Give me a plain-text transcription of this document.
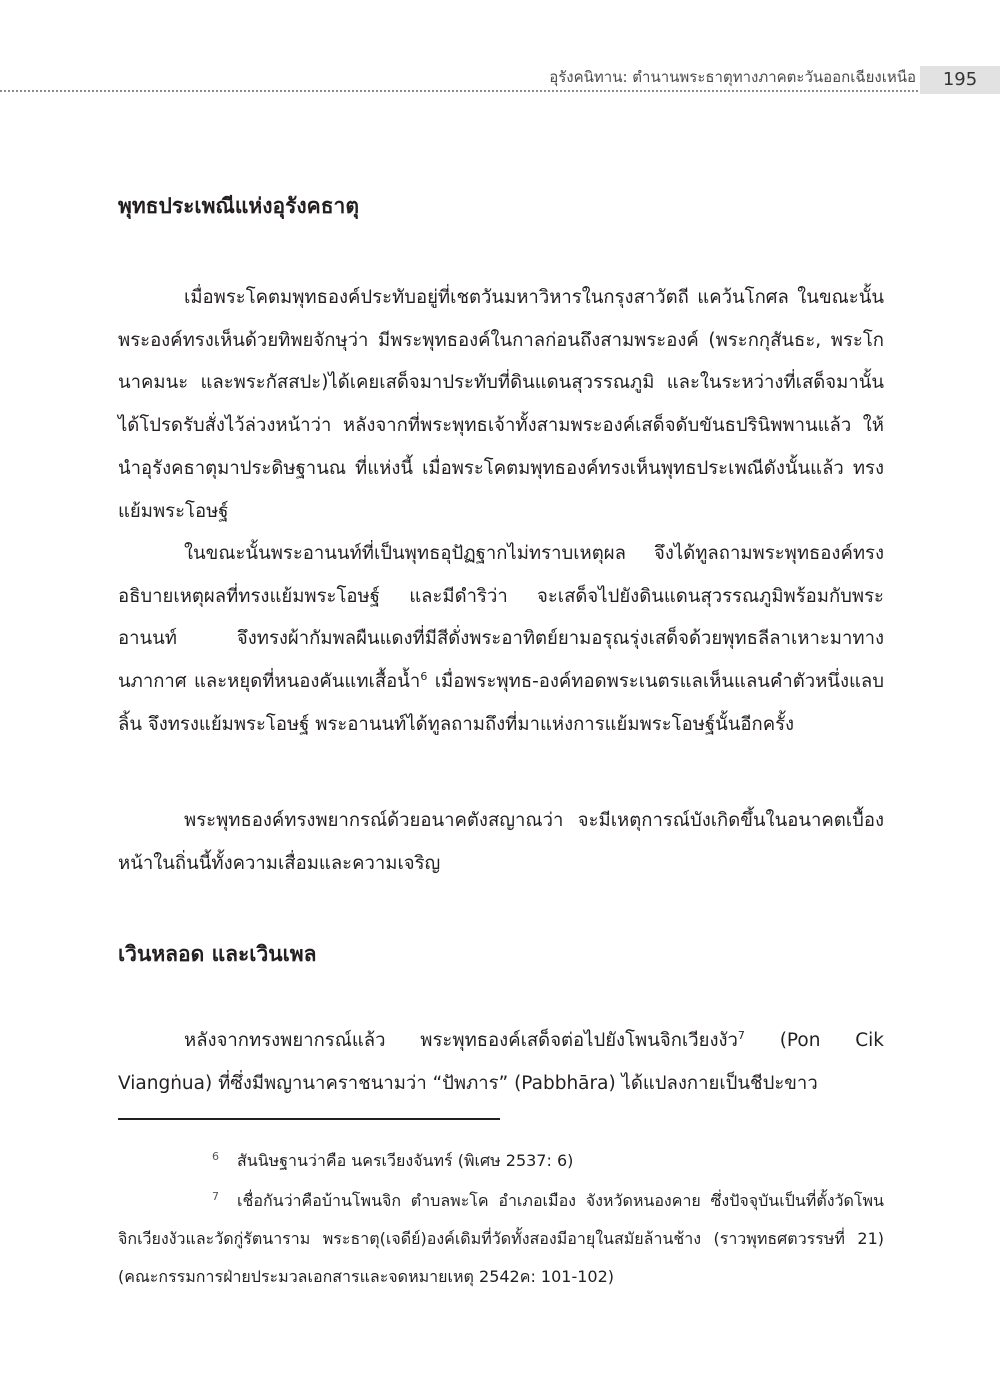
อุรังคนิทาน: ตำนานพระธาตุทางภาคตะวันออกเฉียงเหนือ	195
พุทธประเพณีแห่งอุรังคธาตุ

เมื่อพระโคตมพุทธองค์ประทับอยู่ที่เชตวันมหาวิหารในกรุงสาวัตถี แคว้นโกศล ในขณะนั้นพระองค์ทรงเห็นด้วยทิพยจักษุว่า มีพระพุทธองค์ในกาลก่อนถึงสามพระองค์ (พระกกุสันธะ, พระโกนาคมนะ และพระกัสสปะ)ได้เคยเสด็จมาประทับที่ดินแดนสุวรรณภูมิ และในระหว่างที่เสด็จมานั้นได้โปรดรับสั่งไว้ล่วงหน้าว่า หลังจากที่พระพุทธเจ้าทั้งสามพระองค์เสด็จดับขันธปรินิพพานแล้ว ให้นำอุรังคธาตุมาประดิษฐานณ ที่แห่งนี้ เมื่อพระโคตมพุทธองค์ทรงเห็นพุทธประเพณีดังนั้นแล้ว ทรงแย้มพระโอษฐ์

ในขณะนั้นพระอานนท์ที่เป็นพุทธอุปัฏฐากไม่ทราบเหตุผล จึงได้ทูลถามพระพุทธองค์ทรงอธิบายเหตุผลที่ทรงแย้มพระโอษฐ์ และมีดำริว่า จะเสด็จไปยังดินแดนสุวรรณภูมิพร้อมกับพระอานนท์ จึงทรงผ้ากัมพลผืนแดงที่มีสีดั่งพระอาทิตย์ยามอรุณรุ่งเสด็จด้วยพุทธลีลาเหาะมาทางนภากาศ และหยุดที่หนองคันแทเสื้อน้ำ$^6$ เมื่อพระพุทธ-องค์ทอดพระเนตรแลเห็นแลนคำตัวหนึ่งแลบลิ้น จึงทรงแย้มพระโอษฐ์ พระอานนท์ได้ทูลถามถึงที่มาแห่งการแย้มพระโอษฐ์นั้นอีกครั้ง

พระพุทธองค์ทรงพยากรณ์ด้วยอนาคตังสญาณว่า จะมีเหตุการณ์บังเกิดขึ้นในอนาคตเบื้องหน้าในถิ่นนี้ทั้งความเสื่อมและความเจริญ

เวินหลอด และเวินเพล

หลังจากทรงพยากรณ์แล้ว พระพุทธองค์เสด็จต่อไปยังโพนจิกเวียงงัว$^7$ (Pon Cik Viangṅua) ที่ซึ่งมีพญานาคราชนามว่า “ปัพภาร” (Pabbhāra) ได้แปลงกายเป็นชีปะขาว

$^6$ สันนิษฐานว่าคือ นครเวียงจันทร์ (พิเศษ 2537: 6)

$^7$ เชื่อกันว่าคือบ้านโพนจิก ตำบลพะโค อำเภอเมือง จังหวัดหนองคาย ซึ่งปัจจุบันเป็นที่ตั้งวัดโพนจิกเวียงงัวและวัดกู่รัตนาราม พระธาตุ(เจดีย์)องค์เดิมที่วัดทั้งสองมีอายุในสมัยล้านช้าง (ราวพุทธศตวรรษที่ 21) (คณะกรรมการฝ่ายประมวลเอกสารและจดหมายเหตุ 2542ค: 101-102)
